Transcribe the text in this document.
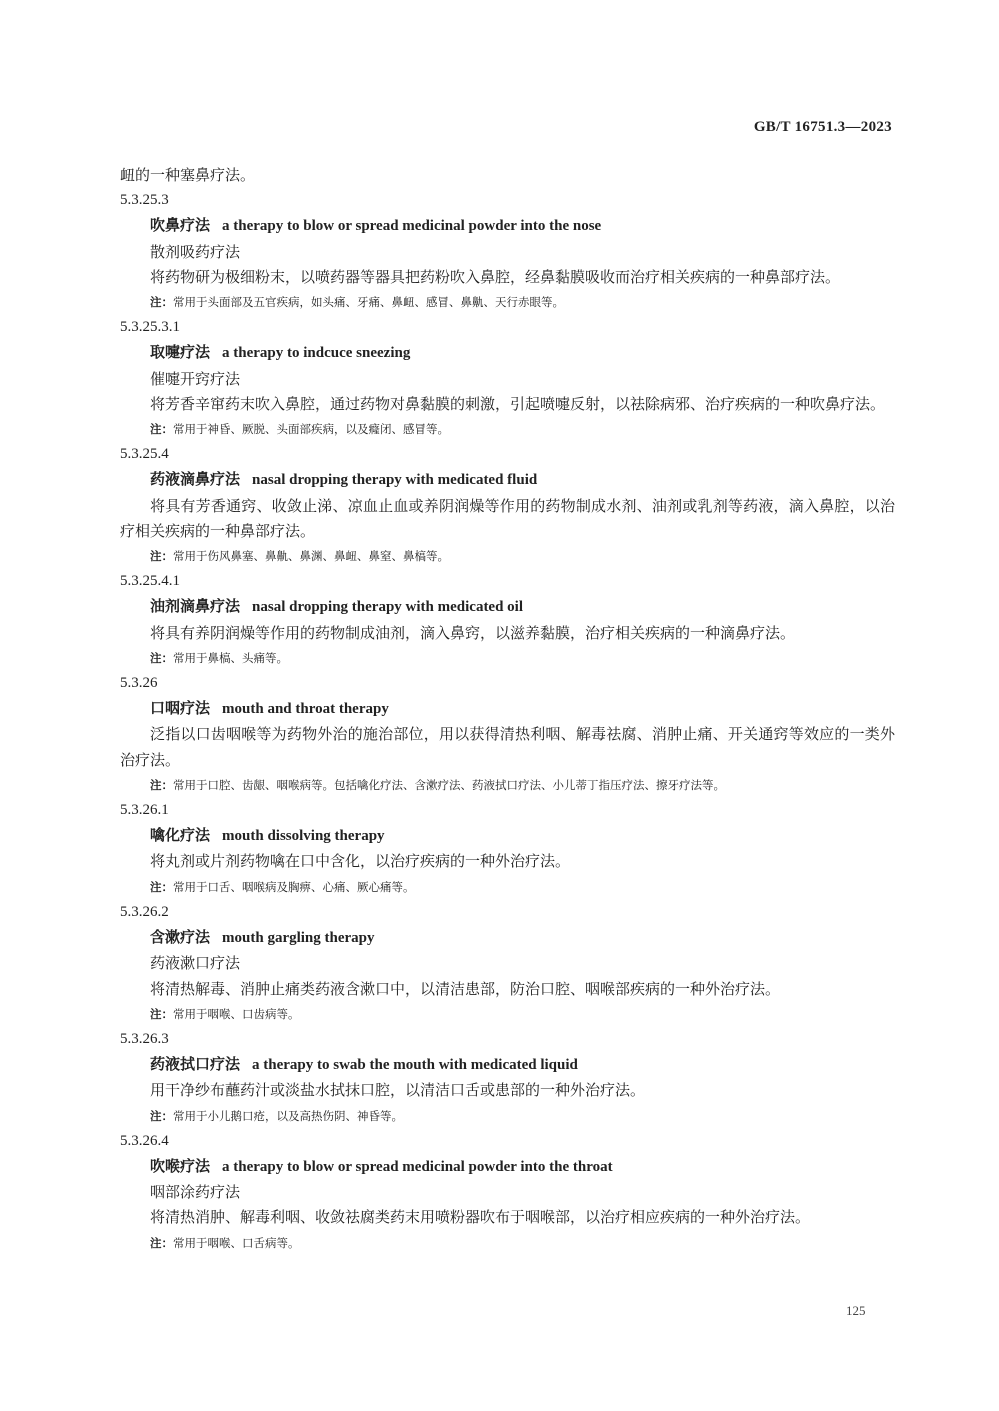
GB/T 16751.3—2023
衄的一种塞鼻疗法。
5.3.25.3
吹鼻疗法 a therapy to blow or spread medicinal powder into the nose
散剂吸药疗法
将药物研为极细粉末，以喷药器等器具把药粉吹入鼻腔，经鼻黏膜吸收而治疗相关疾病的一种鼻部疗法。
注：常用于头面部及五官疾病，如头痛、牙痛、鼻衄、感冒、鼻鼽、天行赤眼等。
5.3.25.3.1
取嚏疗法 a therapy to indcuce sneezing
催嚏开窍疗法
将芳香辛窜药末吹入鼻腔，通过药物对鼻黏膜的刺激，引起喷嚏反射，以祛除病邪、治疗疾病的一种吹鼻疗法。
注：常用于神昏、厥脱、头面部疾病，以及癃闭、感冒等。
5.3.25.4
药液滴鼻疗法 nasal dropping therapy with medicated fluid
将具有芳香通窍、收敛止涕、凉血止血或养阴润燥等作用的药物制成水剂、油剂或乳剂等药液，滴入鼻腔，以治疗相关疾病的一种鼻部疗法。
注：常用于伤风鼻塞、鼻鼽、鼻渊、鼻衄、鼻窒、鼻槁等。
5.3.25.4.1
油剂滴鼻疗法 nasal dropping therapy with medicated oil
将具有养阴润燥等作用的药物制成油剂，滴入鼻窍，以滋养黏膜，治疗相关疾病的一种滴鼻疗法。
注：常用于鼻槁、头痛等。
5.3.26
口咽疗法 mouth and throat therapy
泛指以口齿咽喉等为药物外治的施治部位，用以获得清热利咽、解毒祛腐、消肿止痛、开关通窍等效应的一类外治疗法。
注：常用于口腔、齿龈、咽喉病等。包括噙化疗法、含漱疗法、药液拭口疗法、小儿蒂丁指压疗法、擦牙疗法等。
5.3.26.1
噙化疗法 mouth dissolving therapy
将丸剂或片剂药物噙在口中含化，以治疗疾病的一种外治疗法。
注：常用于口舌、咽喉病及胸痹、心痛、厥心痛等。
5.3.26.2
含漱疗法 mouth gargling therapy
药液漱口疗法
将清热解毒、消肿止痛类药液含漱口中，以清洁患部，防治口腔、咽喉部疾病的一种外治疗法。
注：常用于咽喉、口齿病等。
5.3.26.3
药液拭口疗法 a therapy to swab the mouth with medicated liquid
用干净纱布蘸药汁或淡盐水拭抹口腔，以清洁口舌或患部的一种外治疗法。
注：常用于小儿鹅口疮，以及高热伤阴、神昏等。
5.3.26.4
吹喉疗法 a therapy to blow or spread medicinal powder into the throat
咽部涂药疗法
将清热消肿、解毒利咽、收敛祛腐类药末用喷粉器吹布于咽喉部，以治疗相应疾病的一种外治疗法。
注：常用于咽喉、口舌病等。
125
